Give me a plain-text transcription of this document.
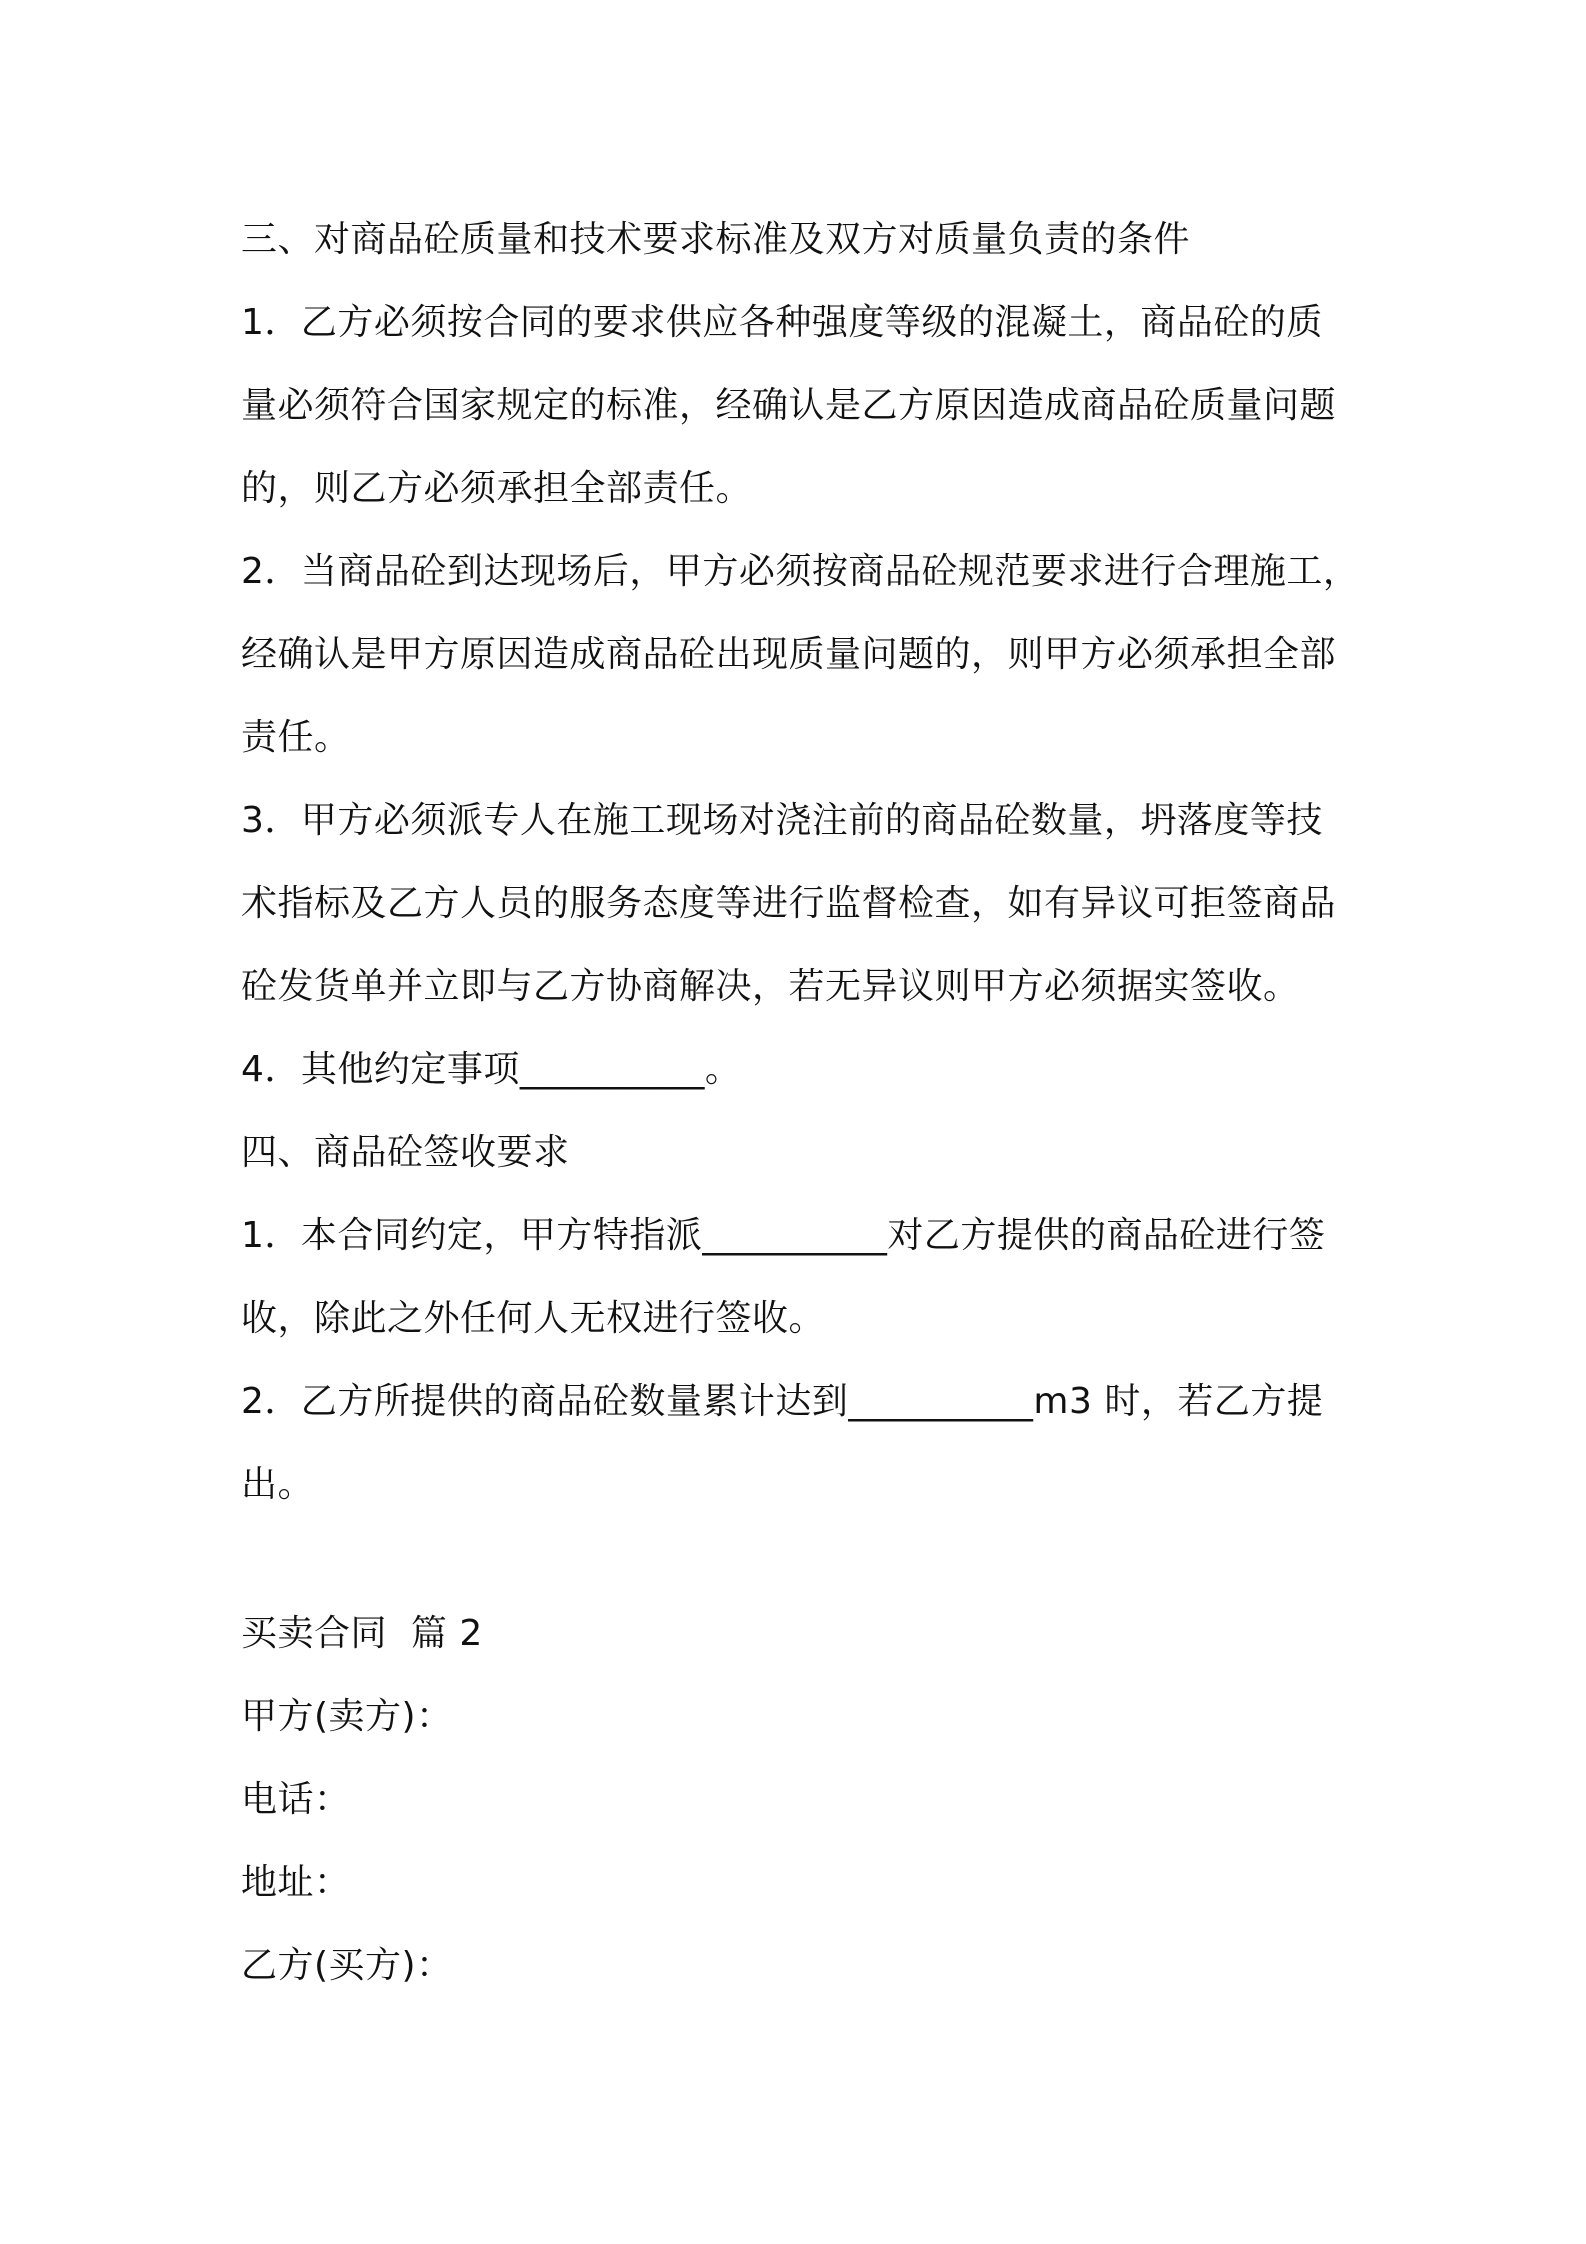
三、对商品砼质量和技术要求标准及双方对质量负责的条件
1．乙方必须按合同的要求供应各种强度等级的混凝土，商品砼的质
量必须符合国家规定的标准，经确认是乙方原因造成商品砼质量问题
的，则乙方必须承担全部责任。
2．当商品砼到达现场后，甲方必须按商品砼规范要求进行合理施工，
经确认是甲方原因造成商品砼出现质量问题的，则甲方必须承担全部
责任。
3．甲方必须派专人在施工现场对浇注前的商品砼数量，坍落度等技
术指标及乙方人员的服务态度等进行监督检查，如有异议可拒签商品
砼发货单并立即与乙方协商解决，若无异议则甲方必须据实签收。
4．其他约定事项__________。
四、商品砼签收要求
1．本合同约定，甲方特指派__________对乙方提供的商品砼进行签
收，除此之外任何人无权进行签收。
2．乙方所提供的商品砼数量累计达到__________m3 时，若乙方提
出。
买卖合同  篇 2
甲方(卖方)：
电话：
地址：
乙方(买方)：
